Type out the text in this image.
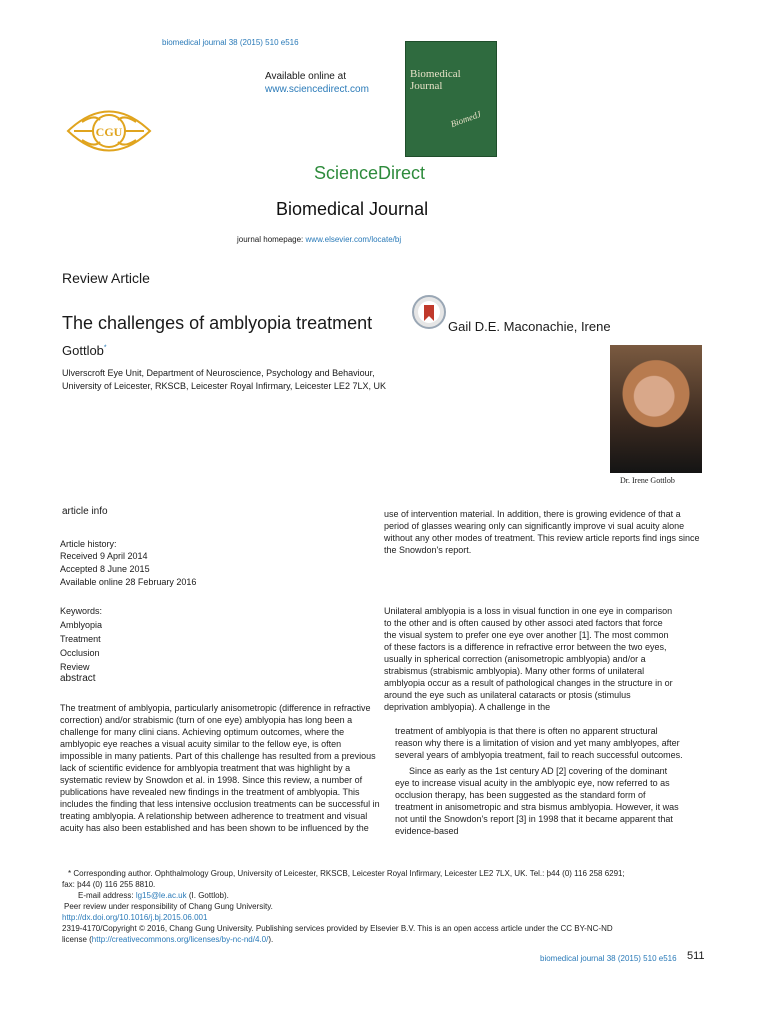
biomedical journal 38 (2015) 510 e516
CGU
Available online at
www.sciencedirect.com
Biomedical
Journal
BiomedJ
ScienceDirect
Biomedical Journal
journal homepage: www.elsevier.com/locate/bj
Review Article
The challenges of amblyopia treatment	Gail D.E. Maconachie, Irene
Gottlob*
Ulverscroft Eye Unit, Department of Neuroscience, Psychology and Behaviour,
University of Leicester, RKSCB, Leicester Royal Infirmary, Leicester LE2 7LX, UK
Dr. Irene Gottlob
article info
Article history:
Received 9 April 2014
Accepted 8 June 2015
Available online 28 February 2016
Keywords:
Amblyopia
Treatment
Occlusion
Review
abstract
The treatment of amblyopia, particularly anisometropic (difference in refractive
correction) and/or strabismic (turn of one eye) amblyopia has long been a
challenge for many clini cians. Achieving optimum outcomes, where the
amblyopic eye reaches a visual acuity similar to the fellow eye, is often
impossible in many patients. Part of this challenge has resulted from a previous
lack of scientific evidence for amblyopia treatment that was highlight by a
systematic review by Snowdon et al. in 1998. Since this review, a number of
publications have revealed new findings in the treatment of amblyopia. This
includes the finding that less intensive occlusion treatments can be successful in
treating amblyopia. A relationship between adherence to treatment and visual
acuity has also been established and has been shown to be influenced by the
use of intervention material. In addition, there is growing evidence of that a
period of glasses wearing only can significantly improve vi sual acuity alone
without any other modes of treatment. This review article reports find ings since
the Snowdon's report.
Unilateral amblyopia is a loss in visual function in one eye in comparison
to the other and is often caused by other associ ated factors that force
the visual system to prefer one eye over another [1]. The most common
of these factors is a difference in refractive error between the two eyes,
usually in spherical correction (anisometropic amblyopia) and/or a
strabismus (strabismic amblyopia). Many other forms of unilateral
amblyopia occur as a result of pathological changes in the structure in or
around the eye such as unilateral cataracts or ptosis (stimulus
deprivation amblyopia). A challenge in the
treatment of amblyopia is that there is often no apparent structural
reason why there is a limitation of vision and yet many amblyopes, after
several years of amblyopia treatment, fail to reach successful outcomes.
Since as early as the 1st century AD [2] covering of the dominant
eye to increase visual acuity in the amblyopic eye, now referred to as
occlusion therapy, has been suggested as the standard form of
treatment in anisometropic and stra bismus amblyopia. However, it was
not until the Snowdon's report [3] in 1998 that it became apparent that
evidence-based
* Corresponding author. Ophthalmology Group, University of Leicester, RKSCB, Leicester Royal Infirmary, Leicester LE2 7LX, UK. Tel.: þ44 (0) 116 258 6291;
fax: þ44 (0) 116 255 8810.
E-mail address: lg15@le.ac.uk (I. Gottlob).
Peer review under responsibility of Chang Gung University.
http://dx.doi.org/10.1016/j.bj.2015.06.001
2319-4170/Copyright © 2016, Chang Gung University. Publishing services provided by Elsevier B.V. This is an open access article under the CC BY-NC-ND
license (http://creativecommons.org/licenses/by-nc-nd/4.0/).
biomedical journal 38 (2015) 510 e516 511
